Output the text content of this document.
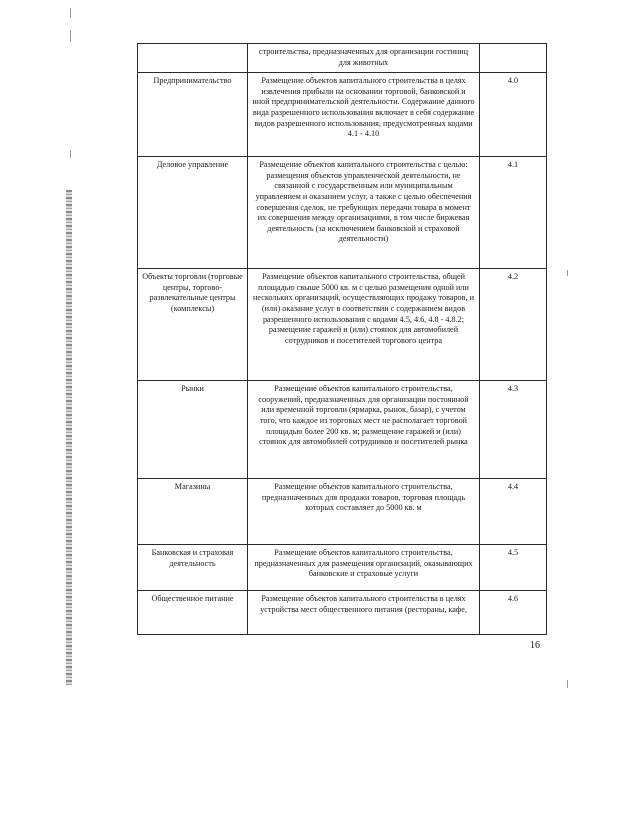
	строительства, предназначенных для организации гостиниц для животных	
Предпринимательство	Размещение объектов капитального строительства в целях извлечения прибыли на основании торговой, банковской и иной предпринимательской деятельности. Содержание данного вида разрешенного использования включает в себя содержание видов разрешенного использования, предусмотренных кодами 4.1 - 4.10	4.0
Деловое управление	Размещение объектов капитального строительства с целью: размещения объектов управленческой деятельности, не связанной с государственным или муниципальным управлением и оказанием услуг, а также с целью обеспечения совершения сделок, не требующих передачи товара в момент их совершения между организациями, в том числе биржевая деятельность (за исключением банковской и страховой деятельности)	4.1
Объекты торговли (торговые центры, торгово-развлекательные центры (комплексы)	Размещение объектов капитального строительства, общей площадью свыше 5000 кв. м с целью размещения одной или нескольких организаций, осуществляющих продажу товаров, и (или) оказание услуг в соответствии с содержанием видов разрешенного использования с кодами 4.5, 4.6, 4.8 - 4.8.2; размещение гаражей и (или) стоянок для автомобилей сотрудников и посетителей торгового центра	4.2
Рынки	Размещение объектов капитального строительства, сооружений, предназначенных для организации постоянной или временной торговли (ярмарка, рынок, базар), с учетом того, что каждое из торговых мест не располагает торговой площадью более 200 кв. м; размещение гаражей и (или) стоянок для автомобилей сотрудников и посетителей рынка	4.3
Магазины	Размещение объектов капитального строительства, предназначенных для продажи товаров, торговая площадь которых составляет до 5000 кв. м	4.4
Банковская и страховая деятельность	Размещение объектов капитального строительства, предназначенных для размещения организаций, оказывающих банковские и страховые услуги	4.5
Общественное питание	Размещение объектов капитального строительства в целях устройства мест общественного питания (рестораны, кафе,	4.6
16
